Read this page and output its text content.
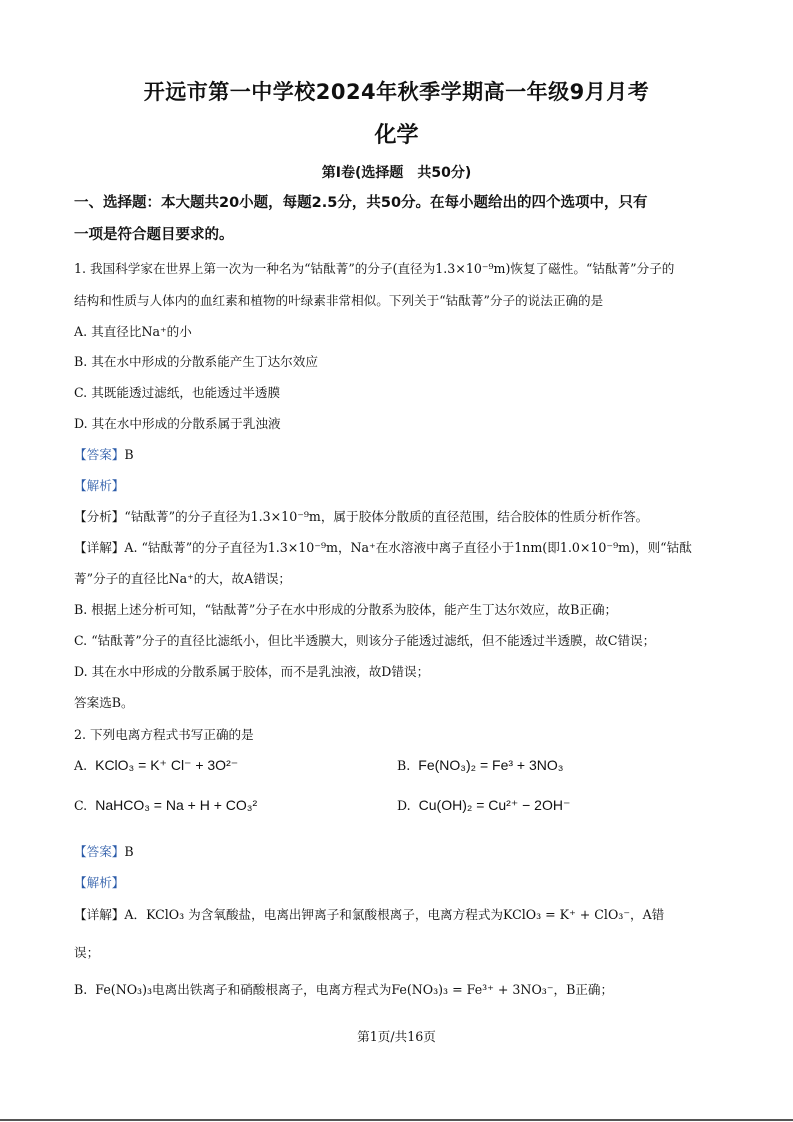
开远市第一中学校2024年秋季学期高一年级9月月考
化学
第I卷(选择题　共50分)
一、选择题：本大题共20小题，每题2.5分，共50分。在每小题给出的四个选项中，只有
一项是符合题目要求的。
1. 我国科学家在世界上第一次为一种名为“钴酞菁”的分子(直径为1.3×10⁻⁹m)恢复了磁性。“钴酞菁”分子的
结构和性质与人体内的血红素和植物的叶绿素非常相似。下列关于“钴酞菁”分子的说法正确的是
A. 其直径比Na⁺的小
B. 其在水中形成的分散系能产生丁达尔效应
C. 其既能透过滤纸，也能透过半透膜
D. 其在水中形成的分散系属于乳浊液
【答案】B
【解析】
【分析】“钴酞菁”的分子直径为1.3×10⁻⁹m，属于胶体分散质的直径范围，结合胶体的性质分析作答。
【详解】A. “钴酞菁”的分子直径为1.3×10⁻⁹m，Na⁺在水溶液中离子直径小于1nm(即1.0×10⁻⁹m)，则“钴酞
菁”分子的直径比Na⁺的大，故A错误；
B. 根据上述分析可知，“钴酞菁”分子在水中形成的分散系为胶体，能产生丁达尔效应，故B正确；
C. “钴酞菁”分子的直径比滤纸小，但比半透膜大，则该分子能透过滤纸，但不能透过半透膜，故C错误；
D. 其在水中形成的分散系属于胶体，而不是乳浊液，故D错误；
答案选B。
2. 下列电离方程式书写正确的是
A. KClO₃ = K⁺ Cl⁻ + 3O²⁻	B. Fe(NO₃)₂ = Fe³ + 3NO₃
C. NaHCO₃ = Na + H + CO₃²	D. Cu(OH)₂ = Cu²⁺ − 2OH⁻
【答案】B
【解析】
【详解】A．KClO₃ 为含氧酸盐，电离出钾离子和氯酸根离子，电离方程式为KClO₃ = K⁺ + ClO₃⁻，A错
误；
B. Fe(NO₃)₃电离出铁离子和硝酸根离子，电离方程式为Fe(NO₃)₃ = Fe³⁺ + 3NO₃⁻，B正确；
第1页/共16页
